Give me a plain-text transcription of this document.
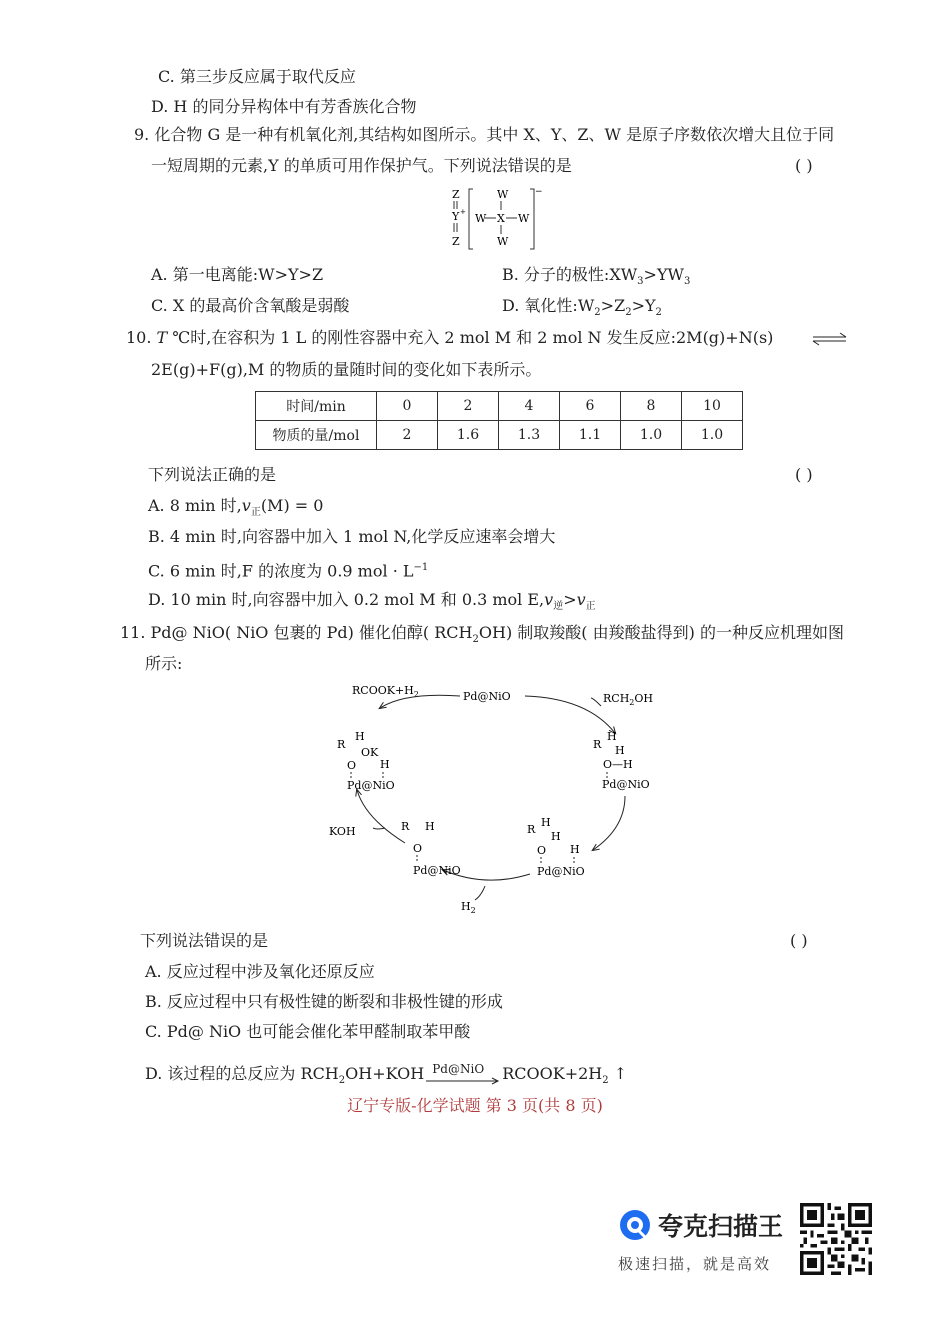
C. 第三步反应属于取代反应
D. H 的同分异构体中有芳香族化合物
9. 化合物 G 是一种有机氧化剂,其结构如图所示。其中 X、Y、Z、W 是原子序数依次增大且位于同
一短周期的元素,Y 的单质可用作保护气。下列说法错误的是	( )
Z
Y +
Z
−
W
W X W
W
A. 第一电离能:W>Y>Z	B. 分子的极性$:XW_3>YW_3$
C. X 的最高价含氧酸是弱酸	D. 氧化性$:W_2>Z_2>Y_2$
10. T ℃时,在容积为 1 L 的刚性容器中充入 2 mol M 和 2 mol N 发生反应:2M(g)+N(s)
2E(g)+F(g),M 的物质的量随时间的变化如下表所示。
时间/min	0	2	4	6	8	10
物质的量/mol	2	1.6	1.3	1.1	1.0	1.0
下列说法正确的是	( )
A. 8 min 时$,v_正(M) = 0$
B. 4 min 时,向容器中加入 1 mol N,化学反应速率会增大
C. 6 min 时,F 的浓度为 0.9 mol · $L^{-1}$
D. 10 min 时,向容器中加入 0.2 mol M 和 0.3 mol $E,v_逆>v_正$
11. Pd@ NiO( NiO 包裹的 Pd) 催化伯醇( $RCH_2OH$) 制取羧酸( 由羧酸盐得到) 的一种反应机理如图
所示:
$RCOOK+H_2$	Pd@NiO	$RCH_2OH$
R
H
OK
O H
Pd@NiO
R
H
H
O—H
Pd@NiO
KOH	R H
O
Pd@NiO
R
H
H
O H
Pd@NiO
$H_2$
下列说法错误的是	( )
A. 反应过程中涉及氧化还原反应
B. 反应过程中只有极性键的断裂和非极性键的形成
C. Pd@ NiO 也可能会催化苯甲醛制取苯甲酸
D. 该过程的总反应为 $RCH_2OH+KOH$ Pd@NiO $RCOOK+2H_2$ ↑
辽宁专版-化学试题 第 3 页(共 8 页)
夸克扫描王
极速扫描，就是高效
